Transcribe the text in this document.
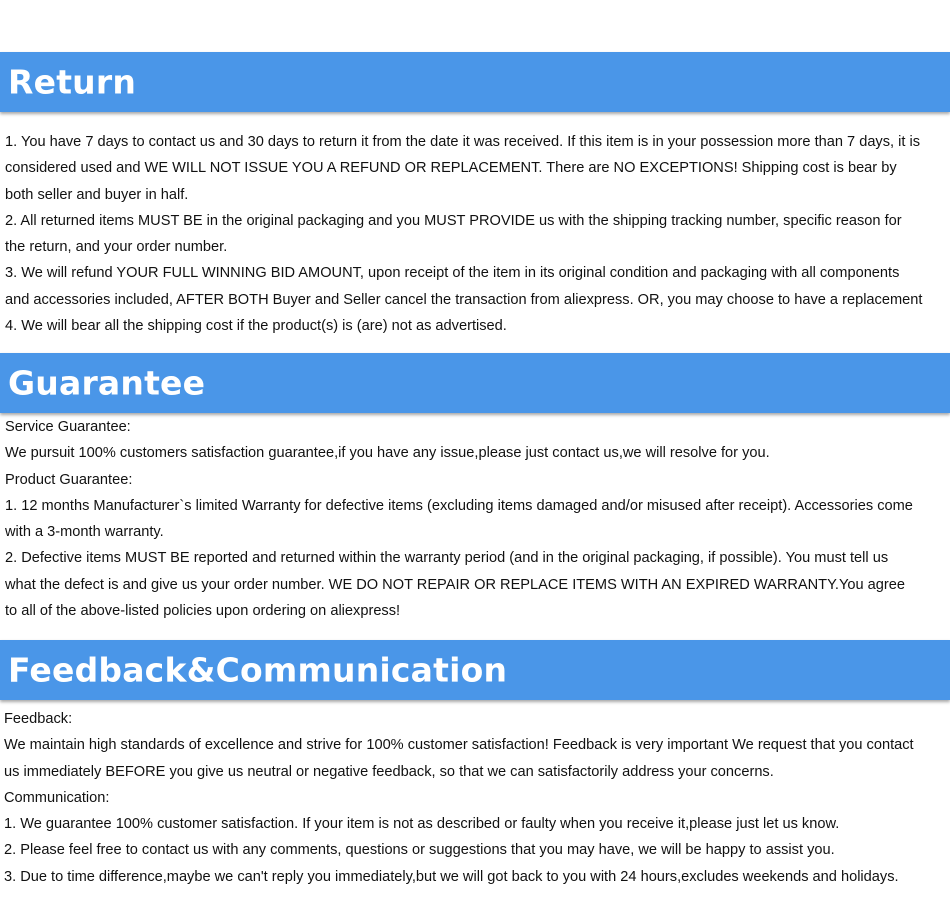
Return
1. You have 7 days to contact us and 30 days to return it from the date it was received. If this item is in your possession more than 7 days, it is
considered used and WE WILL NOT ISSUE YOU A REFUND OR REPLACEMENT. There are NO EXCEPTIONS! Shipping cost is bear by
both seller and buyer in half.
2. All returned items MUST BE in the original packaging and you MUST PROVIDE us with the shipping tracking number, specific reason for
the return, and your order number.
3. We will refund YOUR FULL WINNING BID AMOUNT, upon receipt of the item in its original condition and packaging with all components
and accessories included, AFTER BOTH Buyer and Seller cancel the transaction from aliexpress. OR, you may choose to have a replacement
4. We will bear all the shipping cost if the product(s) is (are) not as advertised.
Guarantee
Service Guarantee:
We pursuit 100% customers satisfaction guarantee,if you have any issue,please just contact us,we will resolve for you.
Product Guarantee:
1. 12 months Manufacturer`s limited Warranty for defective items (excluding items damaged and/or misused after receipt). Accessories come
with a 3-month warranty.
2. Defective items MUST BE reported and returned within the warranty period (and in the original packaging, if possible). You must tell us
what the defect is and give us your order number. WE DO NOT REPAIR OR REPLACE ITEMS WITH AN EXPIRED WARRANTY.You agree
to all of the above-listed policies upon ordering on aliexpress!
Feedback&Communication
Feedback:
We maintain high standards of excellence and strive for 100% customer satisfaction! Feedback is very important We request that you contact
us immediately BEFORE you give us neutral or negative feedback, so that we can satisfactorily address your concerns.
Communication:
1. We guarantee 100% customer satisfaction. If your item is not as described or faulty when you receive it,please just let us know.
2. Please feel free to contact us with any comments, questions or suggestions that you may have, we will be happy to assist you.
3. Due to time difference,maybe we can't reply you immediately,but we will got back to you with 24 hours,excludes weekends and holidays.
